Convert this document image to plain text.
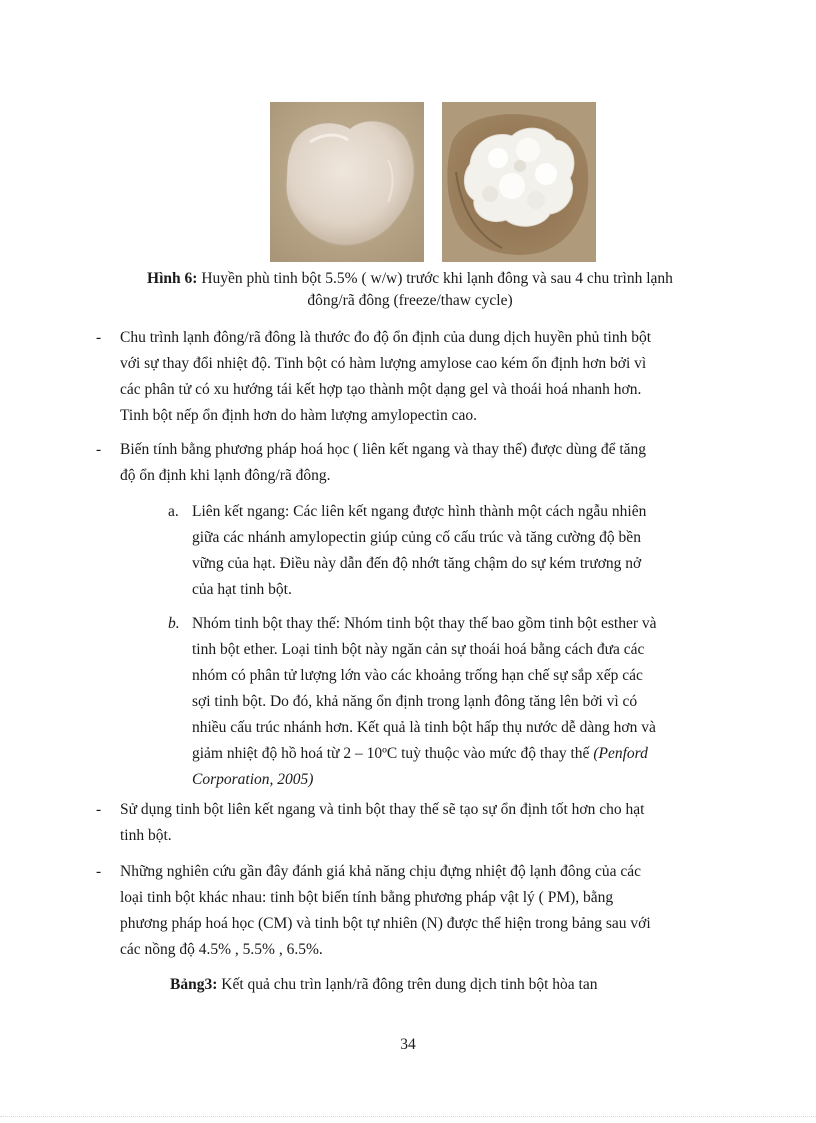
Hình 6: Huyền phù tinh bột 5.5% ( w/w) trước khi lạnh đông và sau 4 chu trình lạnh
đông/rã đông (freeze/thaw cycle)
- Chu trình lạnh đông/rã đông là thước đo độ ổn định của dung dịch huyền phủ tinh bột
với sự thay đổi nhiệt độ. Tinh bột có hàm lượng amylose cao kém ổn định hơn bởi vì
các phân tử có xu hướng tái kết hợp tạo thành một dạng gel và thoái hoá nhanh hơn.
Tinh bột nếp ổn định hơn do hàm lượng amylopectin cao.
- Biến tính bằng phương pháp hoá học ( liên kết ngang và thay thế) được dùng để tăng
độ ổn định khi lạnh đông/rã đông.
a. Liên kết ngang: Các liên kết ngang được hình thành một cách ngẫu nhiên
giữa các nhánh amylopectin giúp củng cố cấu trúc và tăng cường độ bền
vững của hạt. Điều này dẫn đến độ nhớt tăng chậm do sự kém trương nở
của hạt tinh bột.
b. Nhóm tinh bột thay thế: Nhóm tinh bột thay thế bao gồm tinh bột esther và
tinh bột ether. Loại tinh bột này ngăn cản sự thoái hoá bằng cách đưa các
nhóm có phân tử lượng lớn vào các khoảng trống hạn chế sự sắp xếp các
sợi tinh bột. Do đó, khả năng ổn định trong lạnh đông tăng lên bởi vì có
nhiều cấu trúc nhánh hơn. Kết quả là tinh bột hấp thụ nước dễ dàng hơn và
giảm nhiệt độ hồ hoá từ 2 – 10ºC tuỳ thuộc vào mức độ thay thế (Penford
Corporation, 2005)
- Sử dụng tinh bột liên kết ngang và tinh bột thay thế sẽ tạo sự ổn định tốt hơn cho hạt
tinh bột.
- Những nghiên cứu gần đây đánh giá khả năng chịu đựng nhiệt độ lạnh đông của các
loại tinh bột khác nhau: tinh bột biến tính bằng phương pháp vật lý ( PM), bằng
phương pháp hoá học (CM) và tinh bột tự nhiên (N) được thể hiện trong bảng sau với
các nồng độ 4.5% , 5.5% , 6.5%.
Bảng3: Kết quả chu trìn lạnh/rã đông trên dung dịch tinh bột hòa tan
34
